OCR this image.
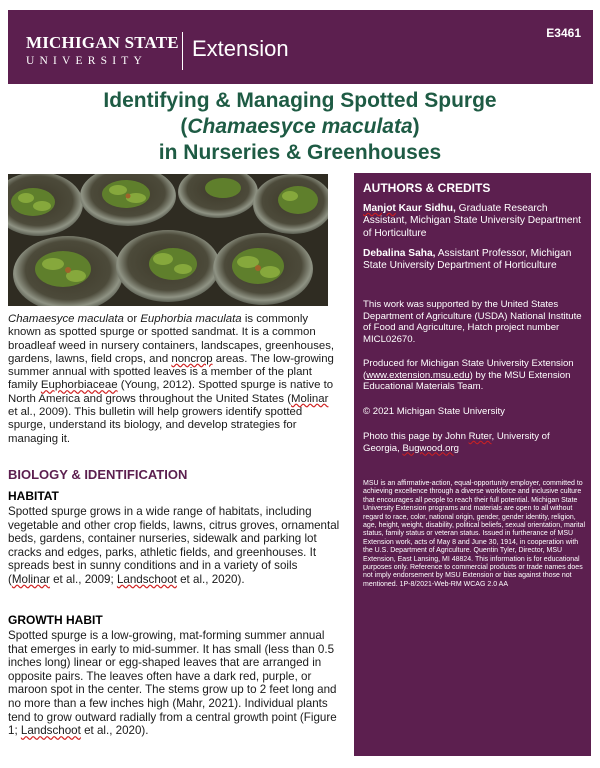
MICHIGAN STATE
UNIVERSITY Extension
E3461
Identifying & Managing Spotted Spurge
(Chamaesyce maculata)
in Nurseries & Greenhouses
Chamaesyce maculata or Euphorbia maculata is commonly known as spotted spurge or spotted sandmat. It is a common broadleaf weed in nursery containers, landscapes, greenhouses, gardens, lawns, field crops, and noncrop areas. The low-growing summer annual with spotted leaves is a member of the plant family Euphorbiaceae (Young, 2012). Spotted spurge is native to North America and grows throughout the United States (Molinar et al., 2009). This bulletin will help growers identify spotted spurge, understand its biology, and develop strategies for managing it.
BIOLOGY & IDENTIFICATION
HABITAT
Spotted spurge grows in a wide range of habitats, including vegetable and other crop fields, lawns, citrus groves, ornamental beds, gardens, container nurseries, sidewalk and parking lot cracks and edges, parks, athletic fields, and greenhouses. It spreads best in sunny conditions and in a variety of soils (Molinar et al., 2009; Landschoot et al., 2020).
GROWTH HABIT
Spotted spurge is a low-growing, mat-forming summer annual that emerges in early to mid-summer. It has small (less than 0.5 inches long) linear or egg-shaped leaves that are arranged in opposite pairs. The leaves often have a dark red, purple, or maroon spot in the center. The stems grow up to 2 feet long and no more than a few inches high (Mahr, 2021). Individual plants tend to grow outward radially from a central growth point (Figure 1; Landschoot et al., 2020).
AUTHORS & CREDITS
Manjot Kaur Sidhu, Graduate Research Assistant, Michigan State University Department of Horticulture
Debalina Saha, Assistant Professor, Michigan State University Department of Horticulture
This work was supported by the United States Department of Agriculture (USDA) National Institute of Food and Agriculture, Hatch project number MICL02670.
Produced for Michigan State University Extension (www.extension.msu.edu) by the MSU Extension Educational Materials Team.
© 2021 Michigan State University
Photo this page by John Ruter, University of Georgia, Bugwood.org
MSU is an affirmative-action, equal-opportunity employer, committed to achieving excellence through a diverse workforce and inclusive culture that encourages all people to reach their full potential. Michigan State University Extension programs and materials are open to all without regard to race, color, national origin, gender, gender identity, religion, age, height, weight, disability, political beliefs, sexual orientation, marital status, family status or veteran status. Issued in furtherance of MSU Extension work, acts of May 8 and June 30, 1914, in cooperation with the U.S. Department of Agriculture. Quentin Tyler, Director, MSU Extension, East Lansing, MI 48824. This information is for educational purposes only. Reference to commercial products or trade names does not imply endorsement by MSU Extension or bias against those not mentioned. 1P-8/2021-Web-RM WCAG 2.0 AA
